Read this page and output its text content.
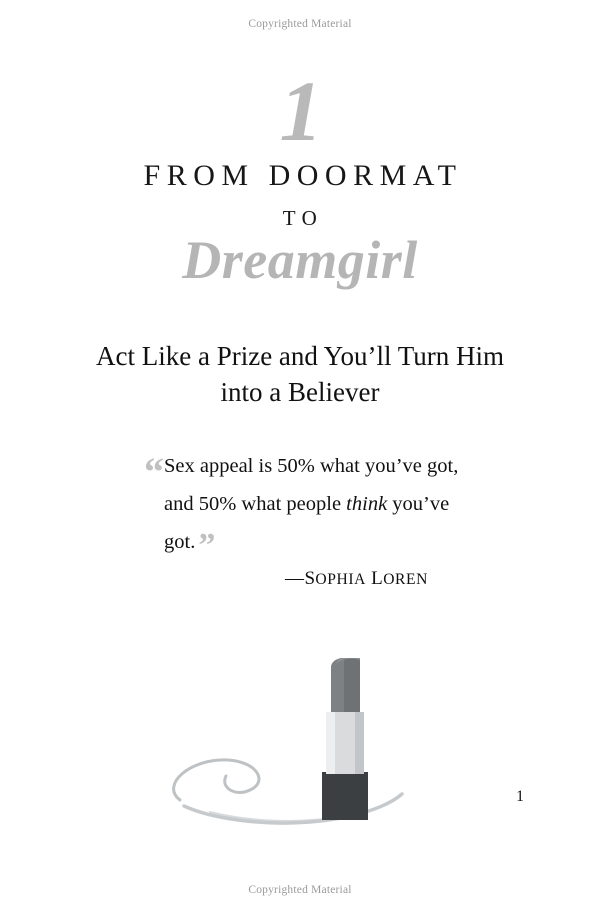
Copyrighted Material
1
FROM DOORMAT
TO
Dreamgirl
Act Like a Prize and You’ll Turn Him into a Believer
“ Sex appeal is 50% what you’ve got, and 50% what people think you’ve got.”
—SOPHIA LOREN
1
Copyrighted Material
